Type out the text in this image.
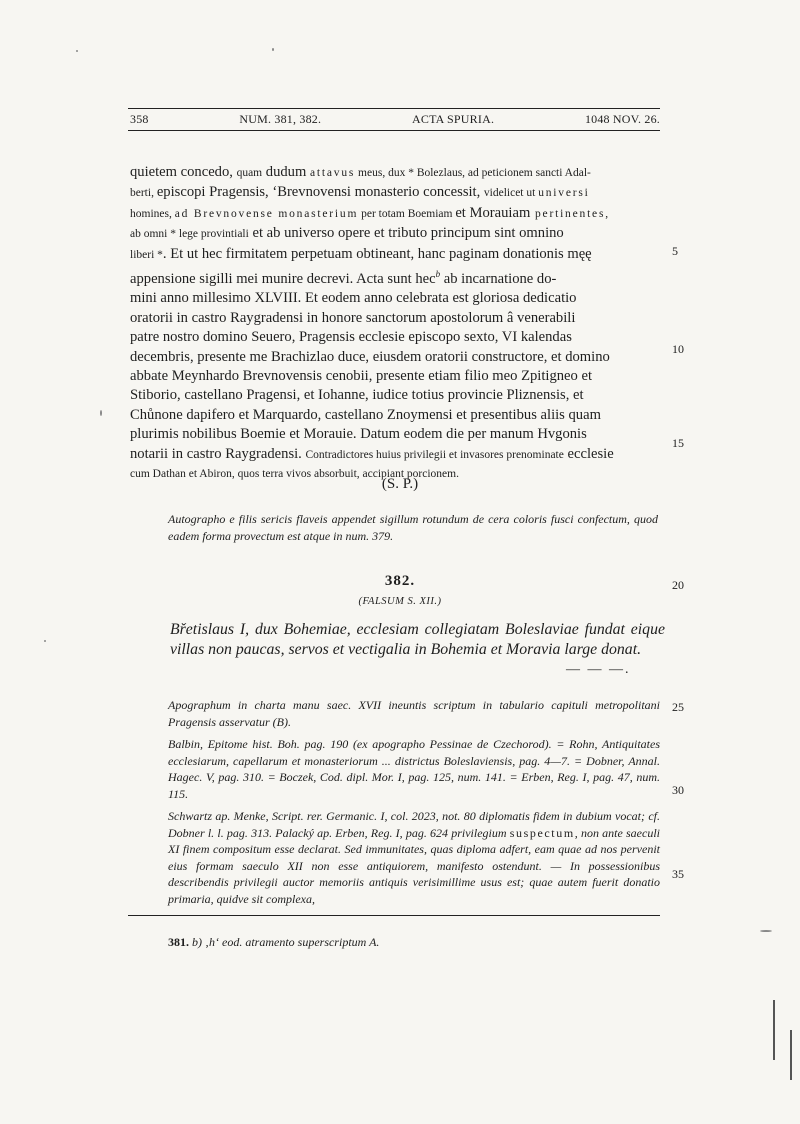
358	NUM. 381, 382.	ACTA SPURIA.	1048 NOV. 26.

quietem concedo, quam dudum attavus meus, dux * Bolezlaus, ad peticionem sancti Adal-

berti, episcopi Pragensis, ‘Brevnovensi monasterio concessit, videlicet ut universi

homines, ad Brevnovense monasterium per totam Boemiam et Morauiam pertinentes,

ab omni * lege provintiali et ab universo opere et tributo principum sint omnino

liberi *. Et ut hec firmitatem perpetuam obtineant, hanc paginam donationis męę

appensione sigilli mei munire decrevi. Acta sunt hec$^b$ ab incarnatione do-

mini anno millesimo XLVIII. Et eodem anno celebrata est gloriosa dedicatio

oratorii in castro Raygradensi in honore sanctorum apostolorum â venerabili

patre nostro domino Seuero, Pragensis ecclesie episcopo sexto, VI kalendas

decembris, presente me Brachizlao duce, eiusdem oratorii constructore, et domino

abbate Meynhardo Brevnovensis cenobii, presente etiam filio meo Zpitigneo et

Stiborio, castellano Pragensi, et Iohanne, iudice totius provincie Pliznensis, et

Chůnone dapifero et Marquardo, castellano Znoymensi et presentibus aliis quam

plurimis nobilibus Boemie et Morauie. Datum eodem die per manum Hvgonis

notarii in castro Raygradensi. Contradictores huius privilegii et invasores prenominate ecclesie

cum Dathan et Abiron, quos terra vivos absorbuit, accipiant porcionem.

5
10
15
20
25
30
35
(S. P.)
Autographo e filis sericis flaveis appendet sigillum rotundum de cera coloris fusci confectum, quod eadem forma provectum est atque in num. 379.
382.
(FALSUM S. XII.)
Břetislaus I, dux Bohemiae, ecclesiam collegiatam Boleslaviae fundat eique villas non paucas, servos et vectigalia in Bohemia et Moravia large donat.
— — —.

Apographum in charta manu saec. XVII ineuntis scriptum in tabulario capituli metropolitani Pragensis asservatur (B).

Balbin, Epitome hist. Boh. pag. 190 (ex apographo Pessinae de Czechorod). = Rohn, Antiquitates ecclesiarum, capellarum et monasteriorum ... districtus Boleslaviensis, pag. 4—7. = Dobner, Annal. Hagec. V, pag. 310. = Boczek, Cod. dipl. Mor. I, pag. 125, num. 141. = Erben, Reg. I, pag. 47, num. 115.

Schwartz ap. Menke, Script. rer. Germanic. I, col. 2023, not. 80 diplomatis fidem in dubium vocat; cf. Dobner l. l. pag. 313. Palacký ap. Erben, Reg. I, pag. 624 privilegium suspectum, non ante saeculi XI finem compositum esse declarat. Sed immunitates, quas diploma adfert, eam quae ad nos pervenit eius formam saeculo XII non esse antiquiorem, manifesto ostendunt. — In possessionibus describendis privilegii auctor memoriis antiquis verisimillime usus est; quae autem fuerit donatio primaria, quidve sit complexa,

381. b) ‚h‘ eod. atramento superscriptum A.
